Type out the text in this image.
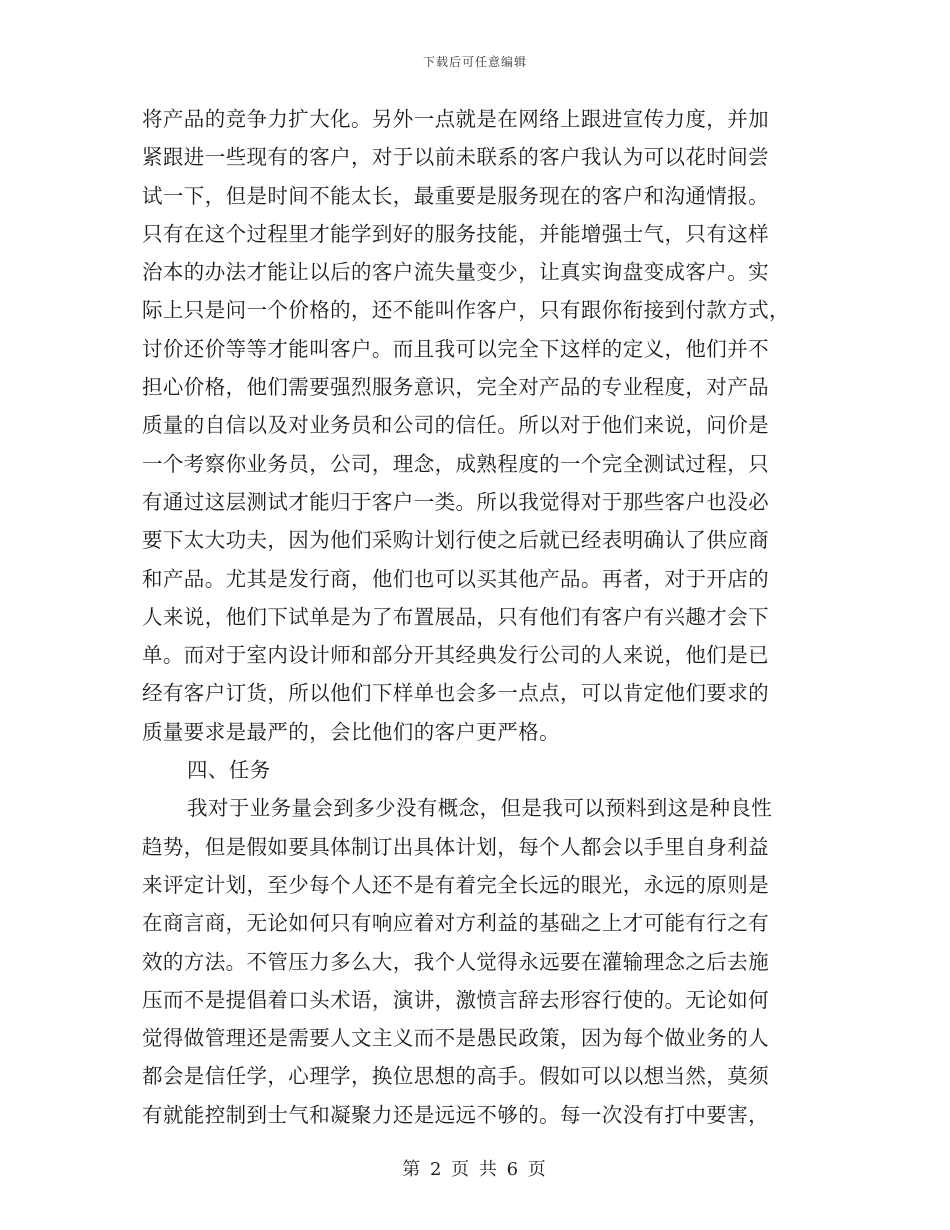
下载后可任意编辑
将产品的竞争力扩大化。另外一点就是在网络上跟进宣传力度，并加
紧跟进一些现有的客户，对于以前未联系的客户我认为可以花时间尝
试一下，但是时间不能太长，最重要是服务现在的客户和沟通情报。
只有在这个过程里才能学到好的服务技能，并能增强士气，只有这样
治本的办法才能让以后的客户流失量变少，让真实询盘变成客户。实
际上只是问一个价格的，还不能叫作客户，只有跟你衔接到付款方式，
讨价还价等等才能叫客户。而且我可以完全下这样的定义，他们并不
担心价格，他们需要强烈服务意识，完全对产品的专业程度，对产品
质量的自信以及对业务员和公司的信任。所以对于他们来说，问价是
一个考察你业务员，公司，理念，成熟程度的一个完全测试过程，只
有通过这层测试才能归于客户一类。所以我觉得对于那些客户也没必
要下太大功夫，因为他们采购计划行使之后就已经表明确认了供应商
和产品。尤其是发行商，他们也可以买其他产品。再者，对于开店的
人来说，他们下试单是为了布置展品，只有他们有客户有兴趣才会下
单。而对于室内设计师和部分开其经典发行公司的人来说，他们是已
经有客户订货，所以他们下样单也会多一点点，可以肯定他们要求的
质量要求是最严的，会比他们的客户更严格。
四、任务
我对于业务量会到多少没有概念，但是我可以预料到这是种良性
趋势，但是假如要具体制订出具体计划，每个人都会以手里自身利益
来评定计划，至少每个人还不是有着完全长远的眼光，永远的原则是
在商言商，无论如何只有响应着对方利益的基础之上才可能有行之有
效的方法。不管压力多么大，我个人觉得永远要在灌输理念之后去施
压而不是提倡着口头术语，演讲，激愤言辞去形容行使的。无论如何
觉得做管理还是需要人文主义而不是愚民政策，因为每个做业务的人
都会是信任学，心理学，换位思想的高手。假如可以以想当然，莫须
有就能控制到士气和凝聚力还是远远不够的。每一次没有打中要害，
第 2 页 共 6 页
